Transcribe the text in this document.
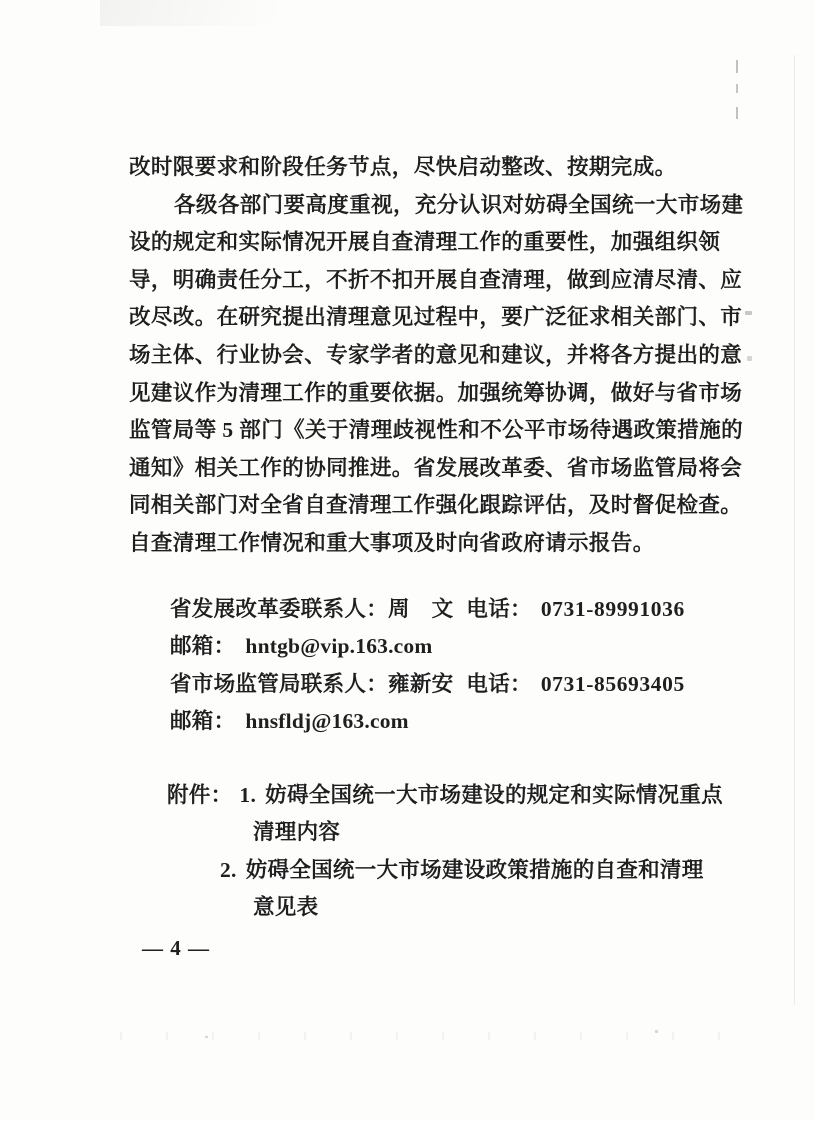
改时限要求和阶段任务节点，尽快启动整改、按期完成。

各级各部门要高度重视，充分认识对妨碍全国统一大市场建

设的规定和实际情况开展自查清理工作的重要性，加强组织领

导，明确责任分工，不折不扣开展自查清理，做到应清尽清、应

改尽改。在研究提出清理意见过程中，要广泛征求相关部门、市

场主体、行业协会、专家学者的意见和建议，并将各方提出的意

见建议作为清理工作的重要依据。加强统筹协调，做好与省市场

监管局等 5 部门《关于清理歧视性和不公平市场待遇政策措施的

通知》相关工作的协同推进。省发展改革委、省市场监管局将会

同相关部门对全省自查清理工作强化跟踪评估，及时督促检查。

自查清理工作情况和重大事项及时向省政府请示报告。

省发展改革委联系人：周　文 电话： 0731-89991036

邮箱： hntgb@vip.163.com

省市场监管局联系人：雍新安 电话： 0731-85693405

邮箱： hnsfldj@163.com

附件： 1. 妨碍全国统一大市场建设的规定和实际情况重点

清理内容

2. 妨碍全国统一大市场建设政策措施的自查和清理

意见表

— 4 —
